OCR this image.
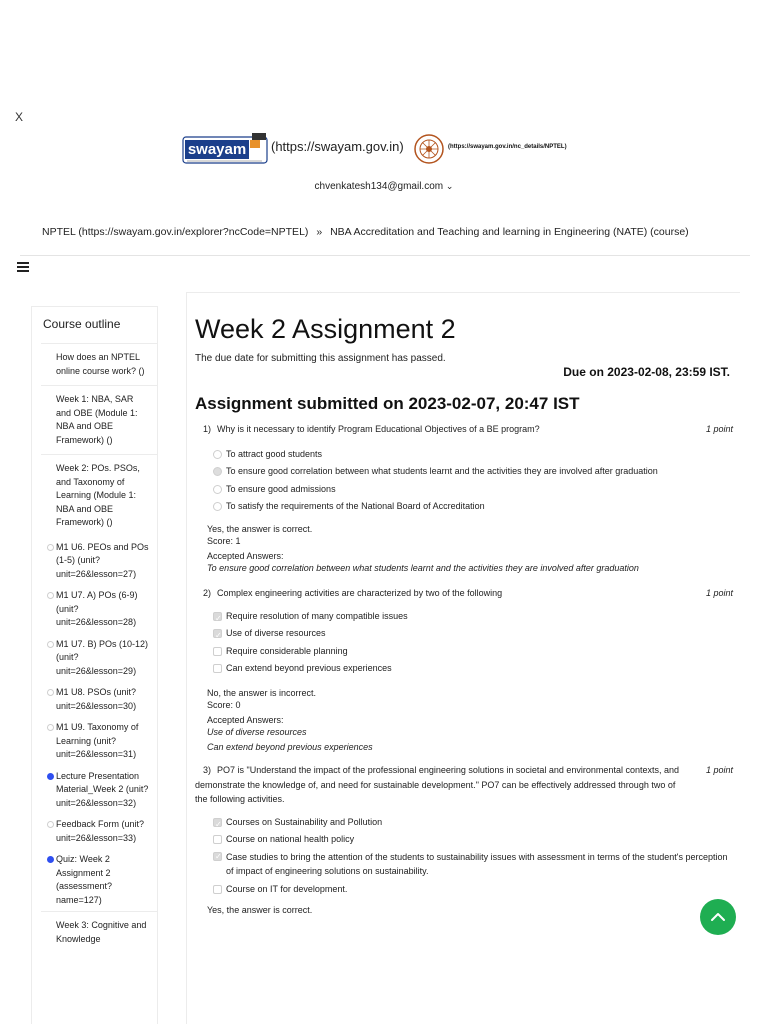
X
swayam (https://swayam.gov.in)	(https://swayam.gov.in/nc_details/NPTEL)
chvenkatesh134@gmail.com ⌄
NPTEL (https://swayam.gov.in/explorer?ncCode=NPTEL) » NBA Accreditation and Teaching and learning in Engineering (NATE) (course)
Course outline
How does an NPTEL online course work? ()
Week 1: NBA, SAR and OBE (Module 1: NBA and OBE Framework) ()
Week 2: POs. PSOs, and Taxonomy of Learning (Module 1: NBA and OBE Framework) ()
M1 U6. PEOs and POs (1-5) (unit?unit=26&lesson=27)
M1 U7. A) POs (6-9) (unit?unit=26&lesson=28)
M1 U7. B) POs (10-12) (unit?unit=26&lesson=29)
M1 U8. PSOs (unit?unit=26&lesson=30)
M1 U9. Taxonomy of Learning (unit?unit=26&lesson=31)
Lecture Presentation Material_Week 2 (unit?unit=26&lesson=32)
Feedback Form (unit?unit=26&lesson=33)
Quiz: Week 2 Assignment 2 (assessment?name=127)
Week 3: Cognitive and Knowledge
Week 2 Assignment 2
The due date for submitting this assignment has passed.
Due on 2023-02-08, 23:59 IST.
Assignment submitted on 2023-02-07, 20:47 IST
1) Why is it necessary to identify Program Educational Objectives of a BE program?	1 point
To attract good students
To ensure good correlation between what students learnt and the activities they are involved after graduation
To ensure good admissions
To satisfy the requirements of the National Board of Accreditation
Yes, the answer is correct.
Score: 1
Accepted Answers:
To ensure good correlation between what students learnt and the activities they are involved after graduation
2) Complex engineering activities are characterized by two of the following	1 point
✓
Require resolution of many compatible issues
✓
Use of diverse resources
Require considerable planning
Can extend beyond previous experiences
No, the answer is incorrect.
Score: 0
Accepted Answers:
Use of diverse resources
Can extend beyond previous experiences
3) PO7 is "Understand the impact of the professional engineering solutions in societal and environmental contexts, and demonstrate the knowledge of, and need for sustainable development." PO7 can be effectively addressed through two of the following activities.
1 point
✓
Courses on Sustainability and Pollution
Course on national health policy
✓
Case studies to bring the attention of the students to sustainability issues with assessment in terms of the student's perception of impact of engineering solutions on sustainability.
Course on IT for development.
Yes, the answer is correct.
